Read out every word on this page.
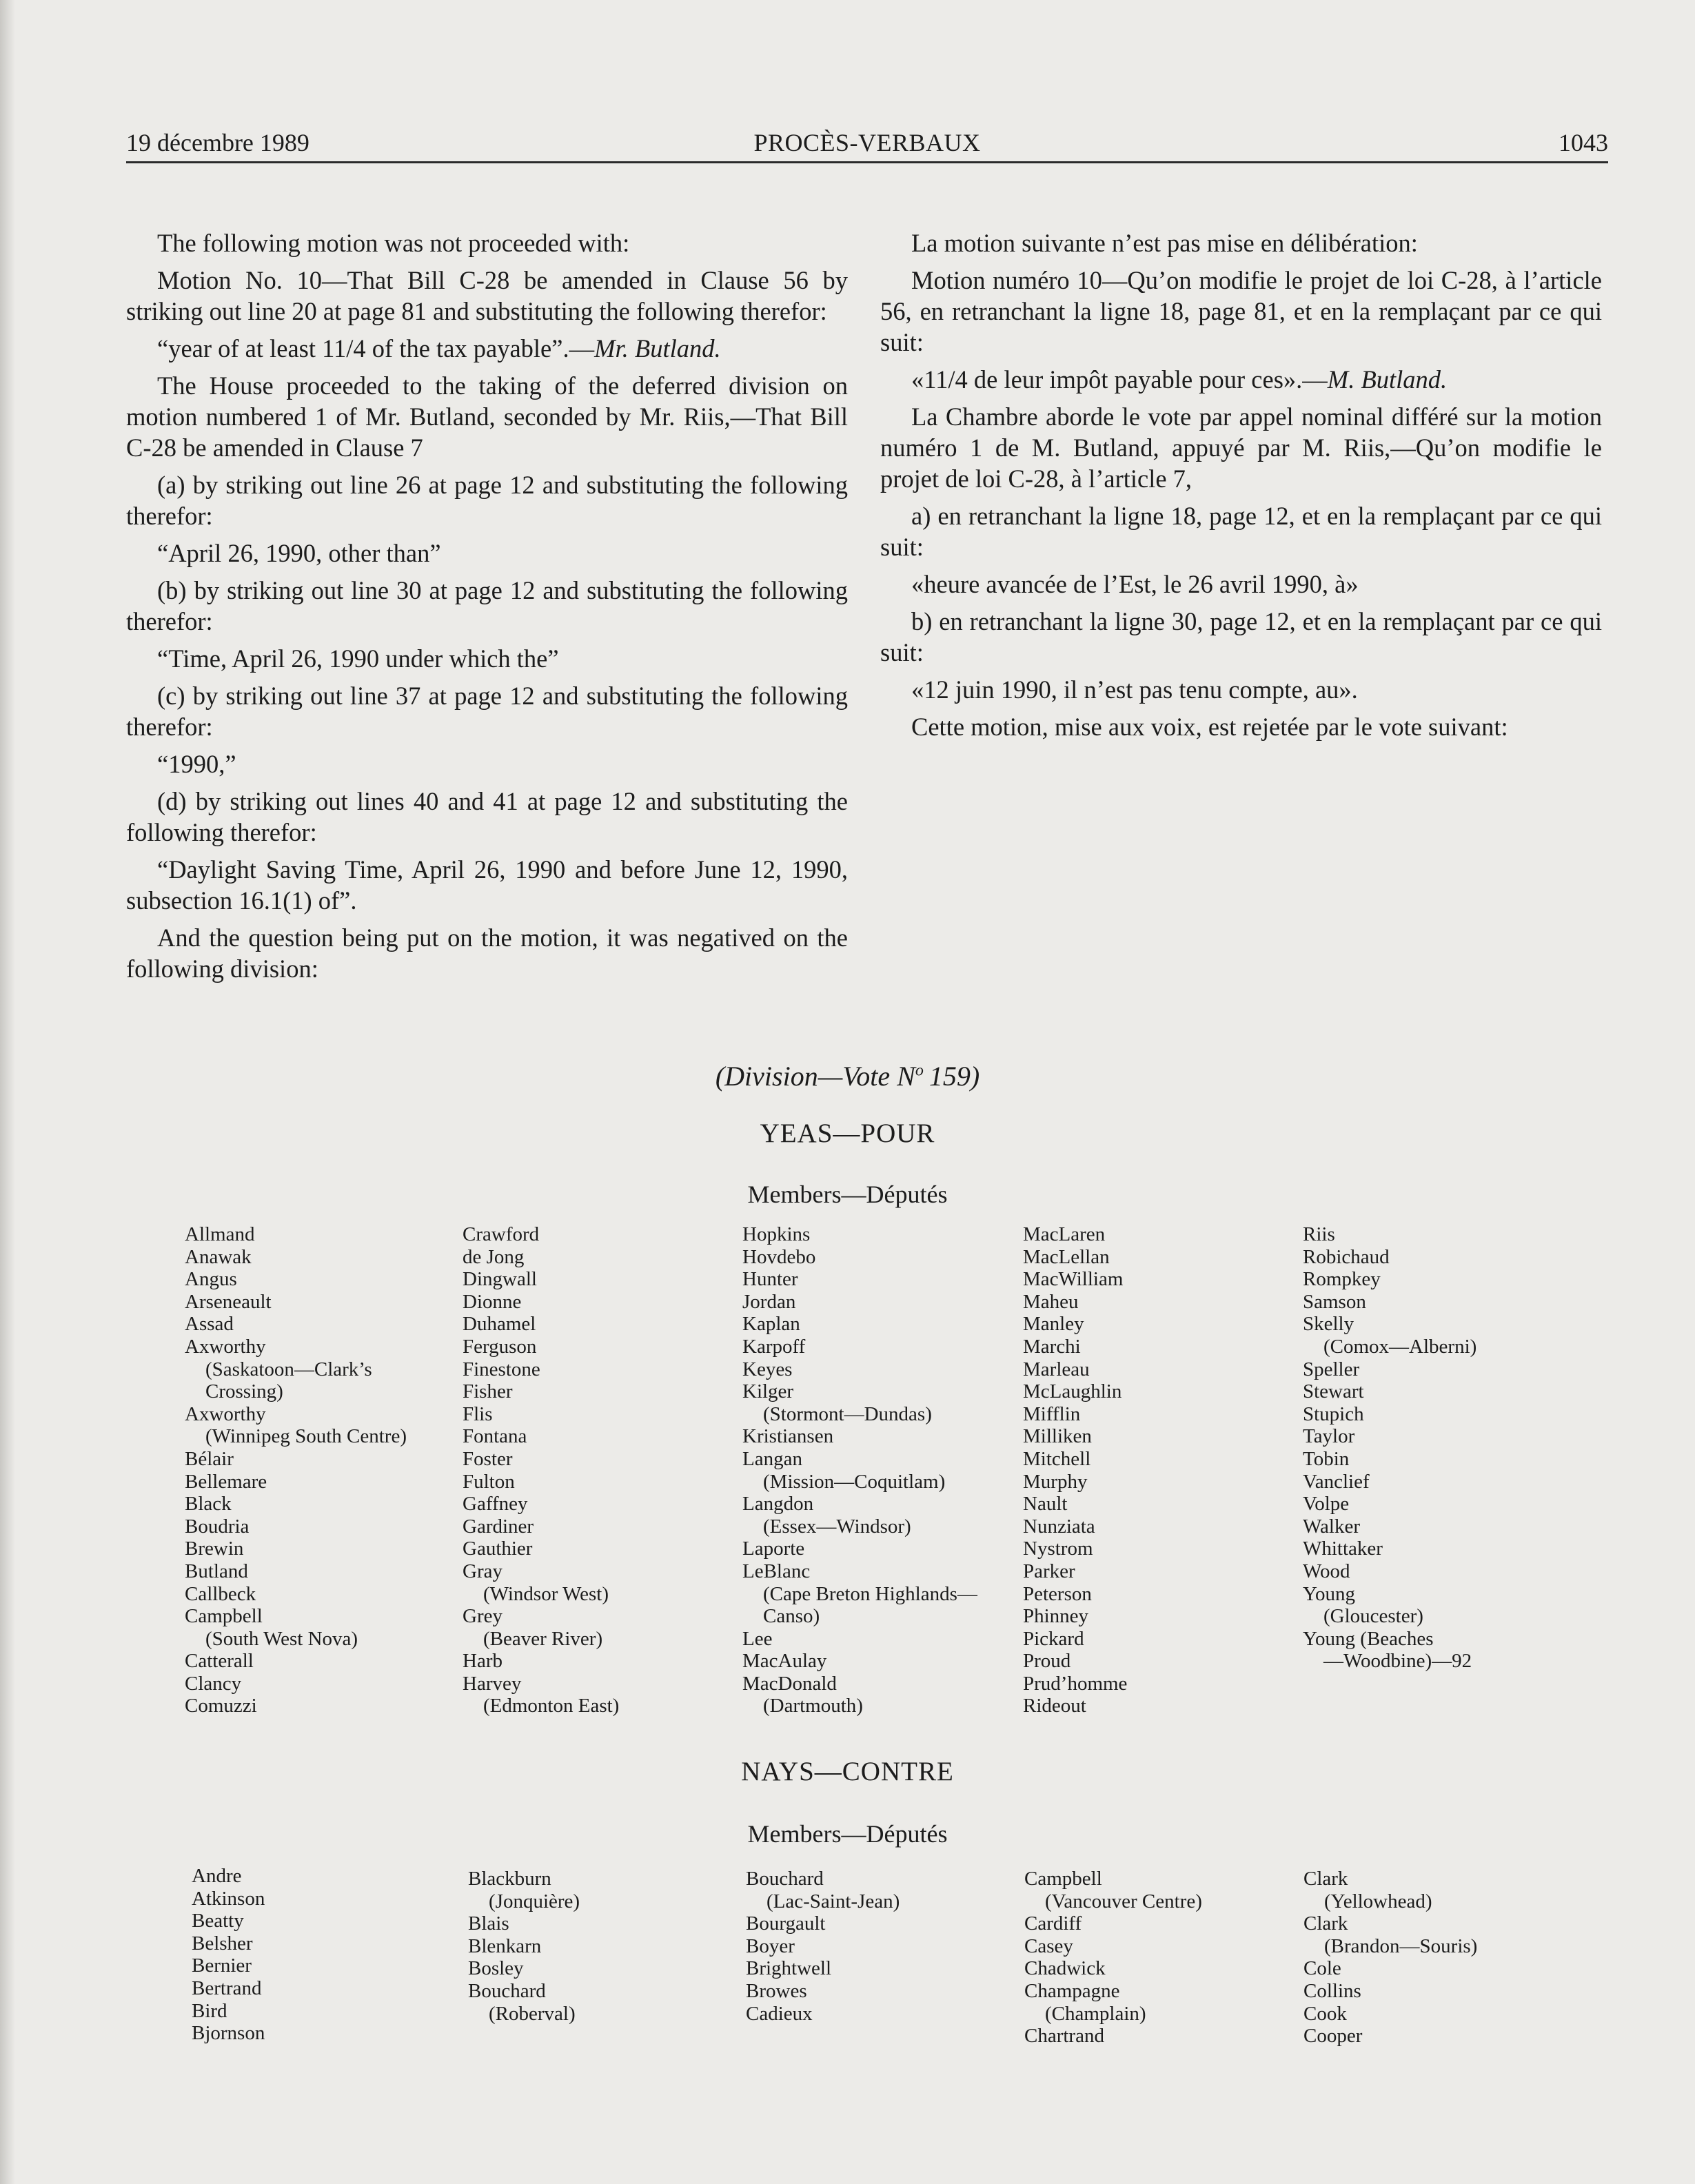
19 décembre 1989	PROCÈS-VERBAUX	1043

The following motion was not proceeded with:

Motion No. 10—That Bill C-28 be amended in Clause 56 by striking out line 20 at page 81 and substituting the following therefor:

“year of at least 11/4 of the tax payable”.—Mr. Butland.

The House proceeded to the taking of the deferred division on motion numbered 1 of Mr. Butland, seconded by Mr. Riis,—That Bill C-28 be amended in Clause 7

(a) by striking out line 26 at page 12 and substituting the following therefor:

“April 26, 1990, other than”

(b) by striking out line 30 at page 12 and substituting the following therefor:

“Time, April 26, 1990 under which the”

(c) by striking out line 37 at page 12 and substituting the following therefor:

“1990,”

(d) by striking out lines 40 and 41 at page 12 and substituting the following therefor:

“Daylight Saving Time, April 26, 1990 and before June 12, 1990, subsection 16.1(1) of”.

And the question being put on the motion, it was negatived on the following division:

La motion suivante n’est pas mise en délibération:

Motion numéro 10—Qu’on modifie le projet de loi C-28, à l’article 56, en retranchant la ligne 18, page 81, et en la remplaçant par ce qui suit:

«11/4 de leur impôt payable pour ces».—M. Butland.

La Chambre aborde le vote par appel nominal différé sur la motion numéro 1 de M. Butland, appuyé par M. Riis,—Qu’on modifie le projet de loi C-28, à l’article 7,

a) en retranchant la ligne 18, page 12, et en la remplaçant par ce qui suit:

«heure avancée de l’Est, le 26 avril 1990, à»

b) en retranchant la ligne 30, page 12, et en la remplaçant par ce qui suit:

«12 juin 1990, il n’est pas tenu compte, au».

Cette motion, mise aux voix, est rejetée par le vote suivant:

(Division—Vote $N^o$ 159)
YEAS—POUR
Members—Députés
Allmand
Anawak
Angus
Arseneault
Assad
Axworthy
(Saskatoon—Clark’s
Crossing)
Axworthy
(Winnipeg South Centre)
Bélair
Bellemare
Black
Boudria
Brewin
Butland
Callbeck
Campbell
(South West Nova)
Catterall
Clancy
Comuzzi
Crawford
de Jong
Dingwall
Dionne
Duhamel
Ferguson
Finestone
Fisher
Flis
Fontana
Foster
Fulton
Gaffney
Gardiner
Gauthier
Gray
(Windsor West)
Grey
(Beaver River)
Harb
Harvey
(Edmonton East)
Hopkins
Hovdebo
Hunter
Jordan
Kaplan
Karpoff
Keyes
Kilger
(Stormont—Dundas)
Kristiansen
Langan
(Mission—Coquitlam)
Langdon
(Essex—Windsor)
Laporte
LeBlanc
(Cape Breton Highlands—
Canso)
Lee
MacAulay
MacDonald
(Dartmouth)
MacLaren
MacLellan
MacWilliam
Maheu
Manley
Marchi
Marleau
McLaughlin
Mifflin
Milliken
Mitchell
Murphy
Nault
Nunziata
Nystrom
Parker
Peterson
Phinney
Pickard
Proud
Prud’homme
Rideout
Riis
Robichaud
Rompkey
Samson
Skelly
(Comox—Alberni)
Speller
Stewart
Stupich
Taylor
Tobin
Vanclief
Volpe
Walker
Whittaker
Wood
Young
(Gloucester)
Young (Beaches
—Woodbine)—92
NAYS—CONTRE
Members—Députés
Andre
Atkinson
Beatty
Belsher
Bernier
Bertrand
Bird
Bjornson
Blackburn
(Jonquière)
Blais
Blenkarn
Bosley
Bouchard
(Roberval)
Bouchard
(Lac-Saint-Jean)
Bourgault
Boyer
Brightwell
Browes
Cadieux
Campbell
(Vancouver Centre)
Cardiff
Casey
Chadwick
Champagne
(Champlain)
Chartrand
Clark
(Yellowhead)
Clark
(Brandon—Souris)
Cole
Collins
Cook
Cooper
